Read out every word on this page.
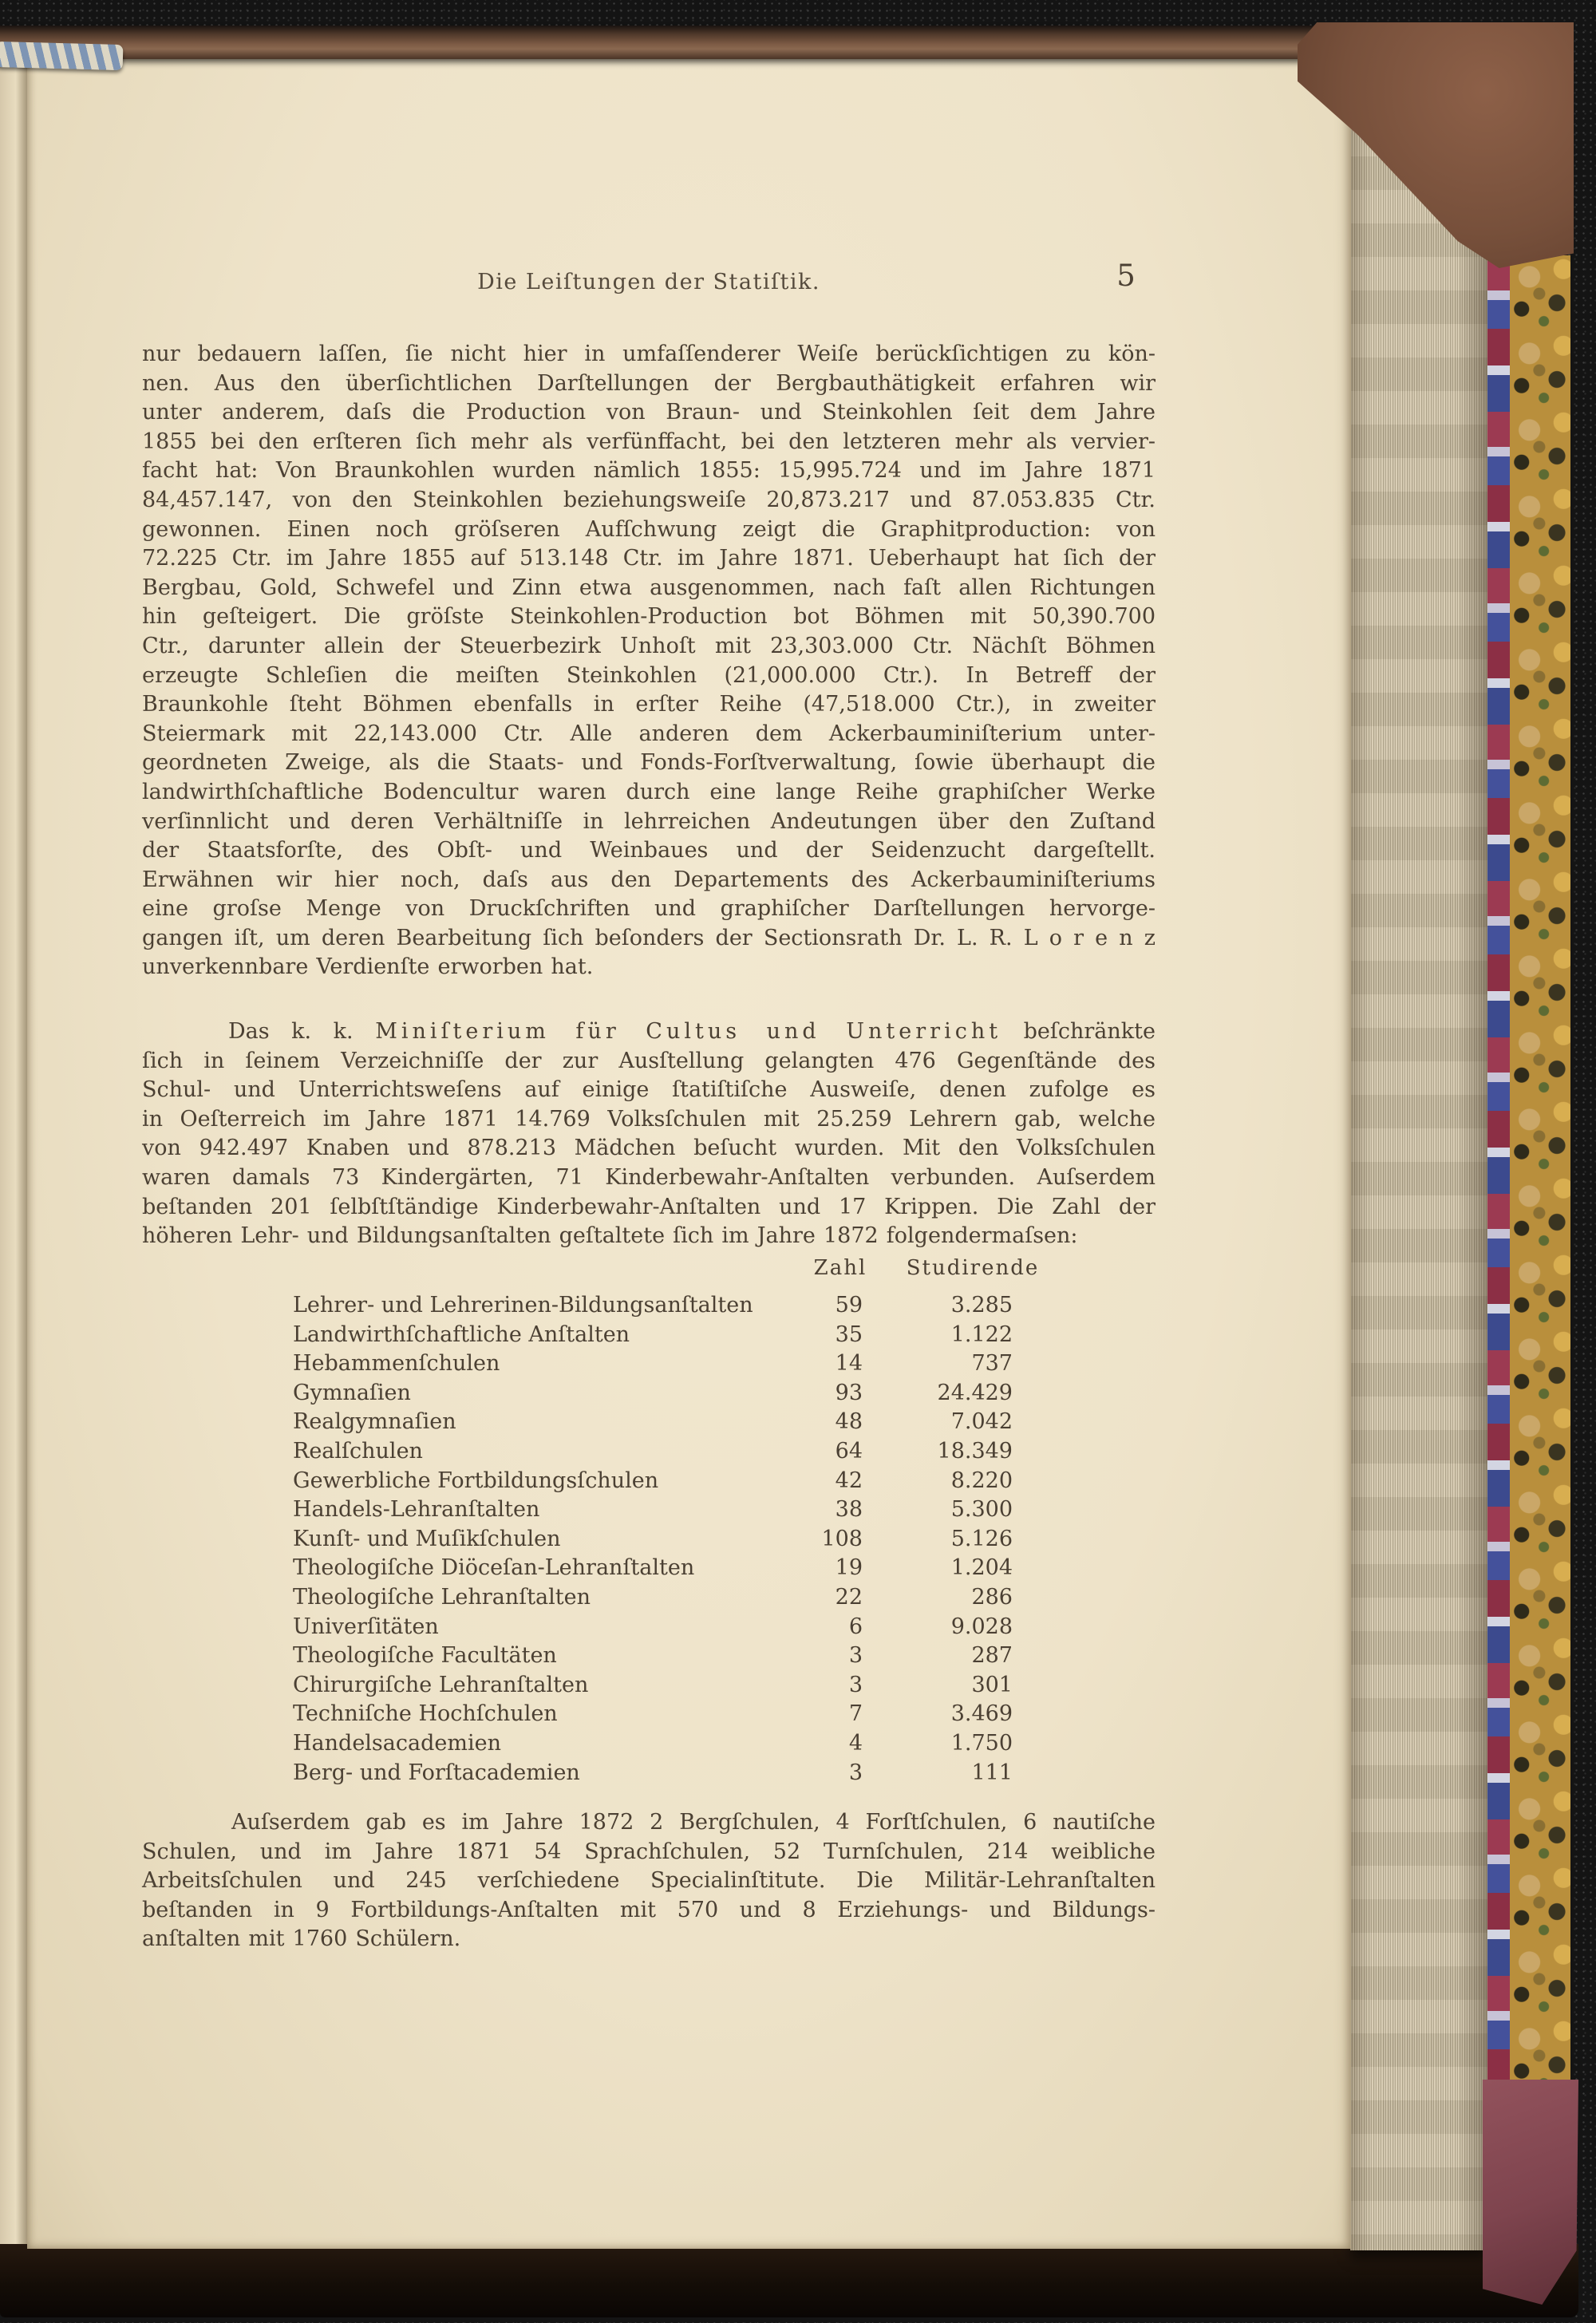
Die Leiſtungen der Statiſtik.	5
nur bedauern laſſen, ſie nicht hier in umfaſſenderer Weiſe berückſichtigen zu kön-
nen. Aus den überſichtlichen Darſtellungen der Bergbauthätigkeit erfahren wir
unter anderem, daſs die Production von Braun- und Steinkohlen ſeit dem Jahre
1855 bei den erſteren ſich mehr als verfünffacht, bei den letzteren mehr als vervier-
facht hat: Von Braunkohlen wurden nämlich 1855: 15,995.724 und im Jahre 1871
84,457.147, von den Steinkohlen beziehungsweiſe 20,873.217 und 87.053.835 Ctr.
gewonnen. Einen noch gröſseren Aufſchwung zeigt die Graphitproduction: von
72.225 Ctr. im Jahre 1855 auf 513.148 Ctr. im Jahre 1871. Ueberhaupt hat ſich der
Bergbau, Gold, Schwefel und Zinn etwa ausgenommen, nach faſt allen Richtungen
hin geſteigert. Die gröſste Steinkohlen-Production bot Böhmen mit 50,390.700
Ctr., darunter allein der Steuerbezirk Unhoſt mit 23,303.000 Ctr. Nächſt Böhmen
erzeugte Schleſien die meiſten Steinkohlen (21,000.000 Ctr.). In Betreff der
Braunkohle ſteht Böhmen ebenfalls in erſter Reihe (47,518.000 Ctr.), in zweiter
Steiermark mit 22,143.000 Ctr. Alle anderen dem Ackerbauminiſterium unter-
geordneten Zweige, als die Staats- und Fonds-Forſtverwaltung, ſowie überhaupt die
landwirthſchaftliche Bodencultur waren durch eine lange Reihe graphiſcher Werke
verſinnlicht und deren Verhältniſſe in lehrreichen Andeutungen über den Zuſtand
der Staatsforſte, des Obſt- und Weinbaues und der Seidenzucht dargeſtellt.
Erwähnen wir hier noch, daſs aus den Departements des Ackerbauminiſteriums
eine groſse Menge von Druckſchriften und graphiſcher Darſtellungen hervorge-
gangen iſt, um deren Bearbeitung ſich beſonders der Sectionsrath Dr. L. R. L o r e n z
unverkennbare Verdienſte erworben hat.
Das k. k. Miniſterium für Cultus und Unterricht beſchränkte
ſich in ſeinem Verzeichniſſe der zur Ausſtellung gelangten 476 Gegenſtände des
Schul- und Unterrichtsweſens auf einige ſtatiſtiſche Ausweiſe, denen zufolge es
in Oeſterreich im Jahre 1871 14.769 Volksſchulen mit 25.259 Lehrern gab, welche
von 942.497 Knaben und 878.213 Mädchen beſucht wurden. Mit den Volksſchulen
waren damals 73 Kindergärten, 71 Kinderbewahr-Anſtalten verbunden. Auſserdem
beſtanden 201 ſelbſtſtändige Kinderbewahr-Anſtalten und 17 Krippen. Die Zahl der
höheren Lehr- und Bildungsanſtalten geſtaltete ſich im Jahre 1872 folgendermaſsen:
Zahl	Studirende
Lehrer- und Lehrerinen-Bildungsanſtalten	59	3.285
Landwirthſchaftliche Anſtalten	35	1.122
Hebammenſchulen	14	737
Gymnaſien	93	24.429
Realgymnaſien	48	7.042
Realſchulen	64	18.349
Gewerbliche Fortbildungsſchulen	42	8.220
Handels-Lehranſtalten	38	5.300
Kunſt- und Muſikſchulen	108	5.126
Theologiſche Diöceſan-Lehranſtalten	19	1.204
Theologiſche Lehranſtalten	22	286
Univerſitäten	6	9.028
Theologiſche Facultäten	3	287
Chirurgiſche Lehranſtalten	3	301
Techniſche Hochſchulen	7	3.469
Handelsacademien	4	1.750
Berg- und Forſtacademien	3	111
Auſserdem gab es im Jahre 1872 2 Bergſchulen, 4 Forſtſchulen, 6 nautiſche
Schulen, und im Jahre 1871 54 Sprachſchulen, 52 Turnſchulen, 214 weibliche
Arbeitsſchulen und 245 verſchiedene Specialinſtitute. Die Militär-Lehranſtalten
beſtanden in 9 Fortbildungs-Anſtalten mit 570 und 8 Erziehungs- und Bildungs-
anſtalten mit 1760 Schülern.
